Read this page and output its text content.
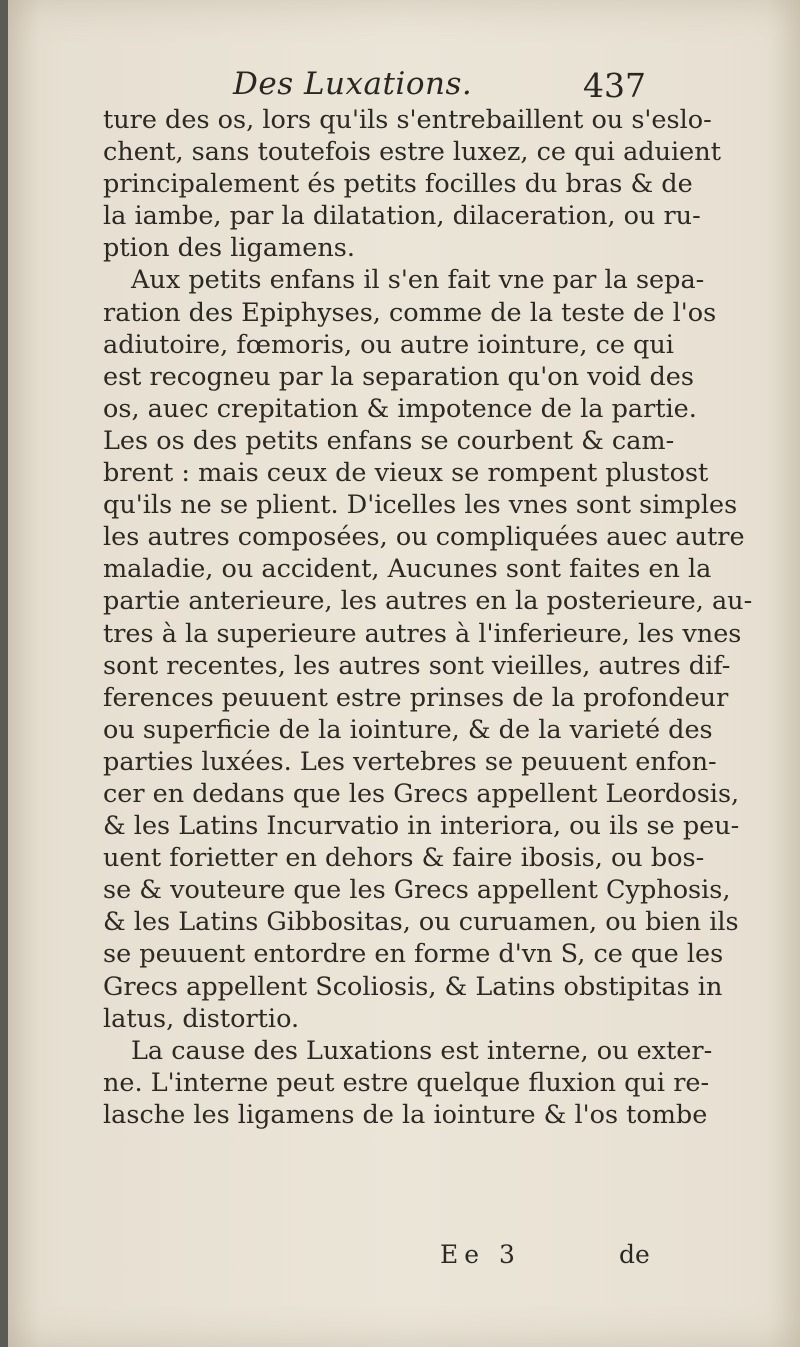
Des Luxations.	437
ture des os, lors qu'ils s'entrebaillent ou s'eslo-
chent, sans toutefois estre luxez, ce qui aduient
principalement és petits focilles du bras & de
la iambe, par la dilatation, dilaceration, ou ru-
ption des ligamens.
Aux petits enfans il s'en fait vne par la sepa-
ration des Epiphyses, comme de la teste de l'os
adiutoire, fœmoris, ou autre iointure, ce qui
est recogneu par la separation qu'on void des
os, auec crepitation & impotence de la partie.
Les os des petits enfans se courbent & cam-
brent : mais ceux de vieux se rompent plustost
qu'ils ne se plient. D'icelles les vnes sont simples
les autres composées, ou compliquées auec autre
maladie, ou accident, Aucunes sont faites en la
partie anterieure, les autres en la posterieure, au-
tres à la superieure autres à l'inferieure, les vnes
sont recentes, les autres sont vieilles, autres dif-
ferences peuuent estre prinses de la profondeur
ou superficie de la iointure, & de la varieté des
parties luxées. Les vertebres se peuuent enfon-
cer en dedans que les Grecs appellent Leordosis,
& les Latins Incurvatio in interiora, ou ils se peu-
uent forietter en dehors & faire ibosis, ou bos-
se & vouteure que les Grecs appellent Cyphosis,
& les Latins Gibbositas, ou curuamen, ou bien ils
se peuuent entordre en forme d'vn S, ce que les
Grecs appellent Scoliosis, & Latins obstipitas in
latus, distortio.
La cause des Luxations est interne, ou exter-
ne. L'interne peut estre quelque fluxion qui re-
lasche les ligamens de la iointure & l'os tombe
Ee 3	de
